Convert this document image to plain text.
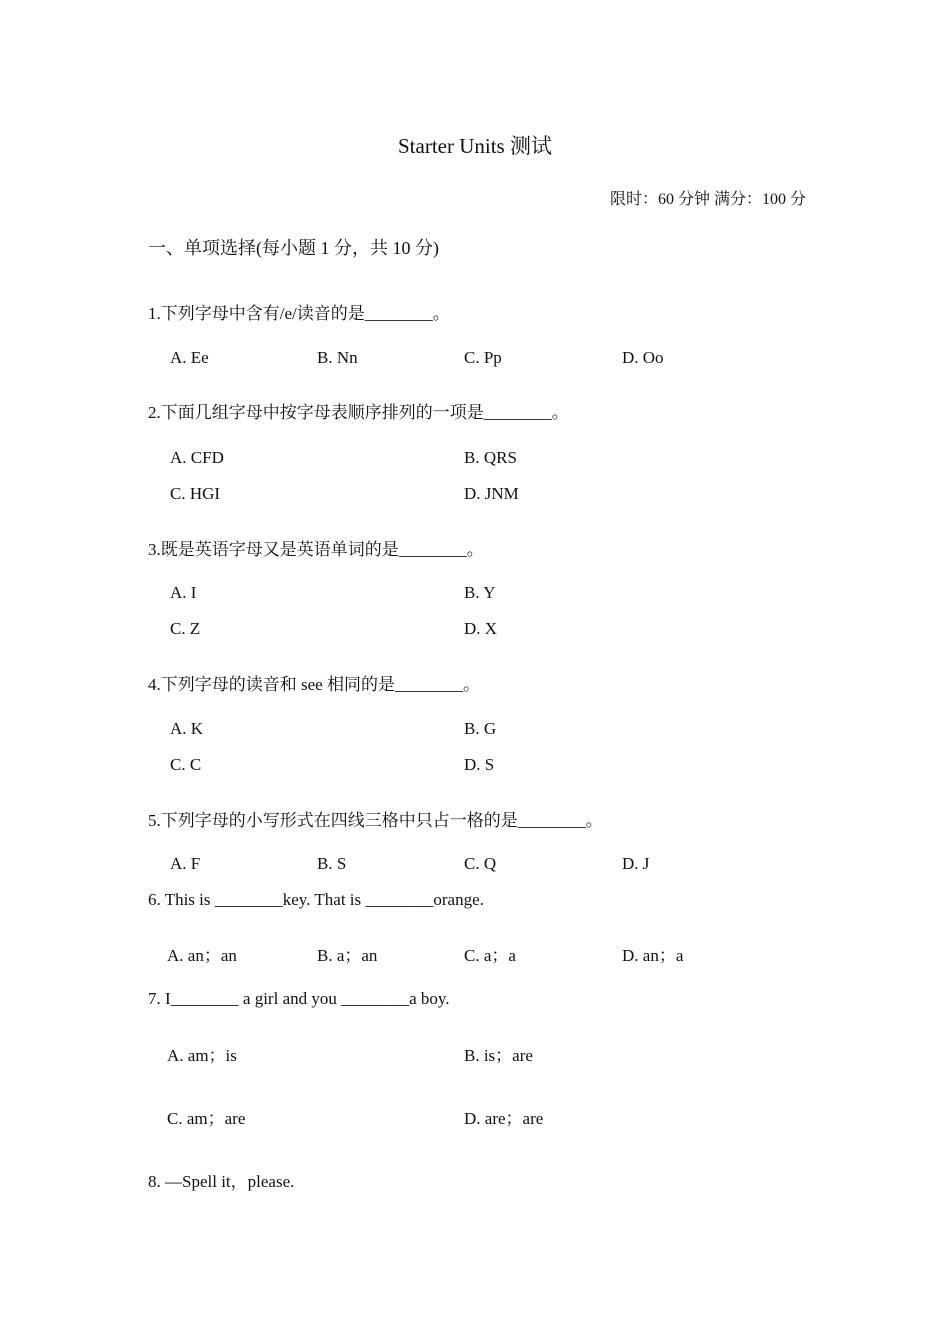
Starter Units 测试
限时：60 分钟 满分：100 分
一、单项选择(每小题 1 分，共 10 分)
1.下列字母中含有/e/读音的是________。
A. Ee	B. Nn	C. Pp	D. Oo
2.下面几组字母中按字母表顺序排列的一项是________。
A. CFD	B. QRS
C. HGI	D. JNM
3.既是英语字母又是英语单词的是________。
A. I	B. Y
C. Z	D. X
4.下列字母的读音和 see 相同的是________。
A. K	B. G
C. C	D. S
5.下列字母的小写形式在四线三格中只占一格的是________。
A. F	B. S	C. Q	D. J
6. This is ________key. That is ________orange.
A. an；an	B. a；an	C. a；a	D. an；a
7. I________ a girl and you ________a boy.
A. am；is	B. is；are
C. am；are	D. are；are
8. —Spell it，please.
